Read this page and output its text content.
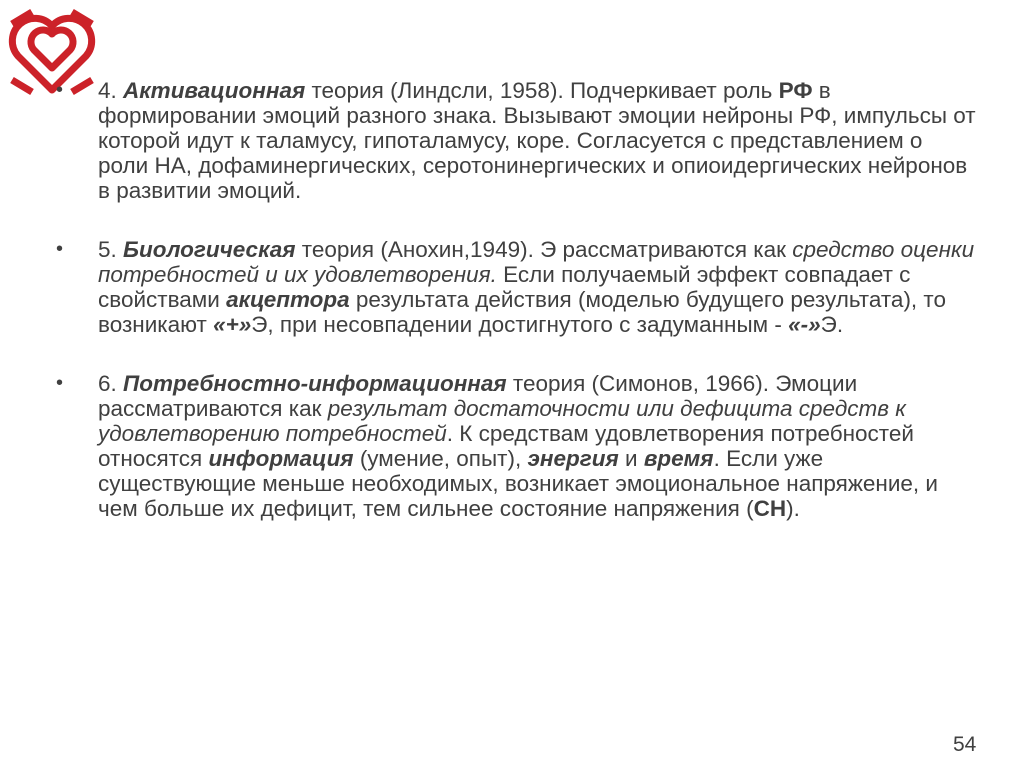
• 4. Активационная теория (Линдсли, 1958). Подчеркивает роль РФ в формировании эмоций разного знака. Вызывают эмоции нейроны РФ, импульсы от которой идут к таламусу, гипоталамусу, коре. Согласуется с представлением о роли НА, дофаминергических, серотонинергических и опиоидергических нейронов в развитии эмоций.
• 5. Биологическая теория (Анохин,1949). Э рассматриваются как средство оценки потребностей и их удовлетворения. Если получаемый эффект совпадает с свойствами акцептора результата действия (моделью будущего результата), то возникают «+»Э, при несовпадении достигнутого с задуманным - «-»Э.
• 6. Потребностно-информационная теория (Симонов, 1966). Эмоции рассматриваются как результат достаточности или дефицита средств к удовлетворению потребностей. К средствам удовлетворения потребностей относятся информация (умение, опыт), энергия и время. Если уже существующие меньше необходимых, возникает эмоциональное напряжение, и чем больше их дефицит, тем сильнее состояние напряжения (СН).
54
